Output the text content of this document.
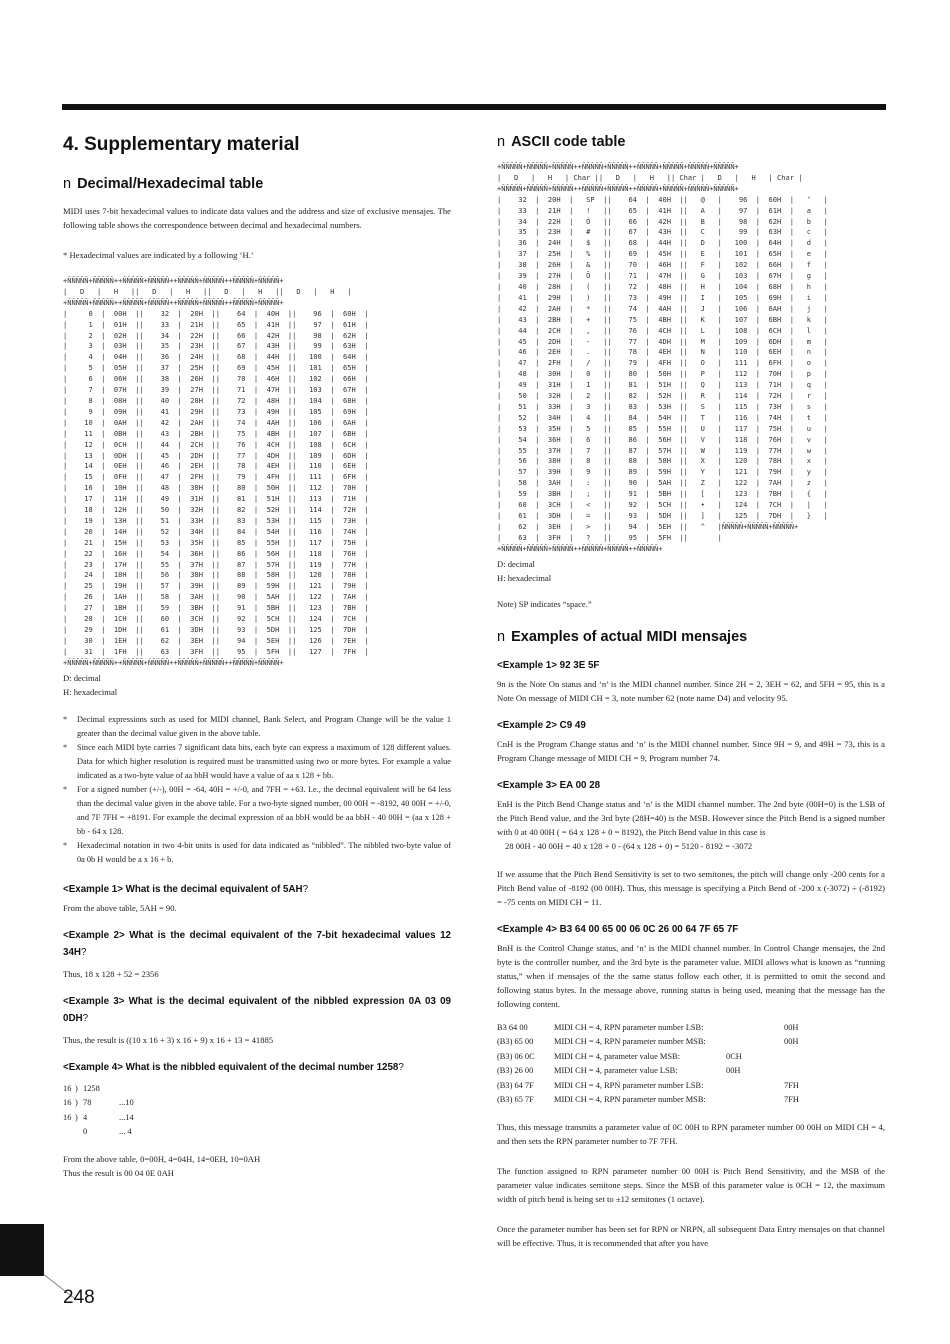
4. Supplementary material
n Decimal/Hexadecimal table

MIDI uses 7-bit hexadecimal values to indicate data values and the address and size of exclusive mensajes. The following table shows the correspondence between decimal and hexadecimal numbers.

* Hexadecimal values are indicated by a following ‘H.’
+ÑÑÑÑÑ+ÑÑÑÑÑ++ÑÑÑÑÑ+ÑÑÑÑÑ++ÑÑÑÑÑ+ÑÑÑÑÑ++ÑÑÑÑÑ+ÑÑÑÑÑ+
|   D   |   H   ||   D   |   H   ||   D   |   H   ||   D   |   H   |
+ÑÑÑÑÑ+ÑÑÑÑÑ++ÑÑÑÑÑ+ÑÑÑÑÑ++ÑÑÑÑÑ+ÑÑÑÑÑ++ÑÑÑÑÑ+ÑÑÑÑÑ+
|     0  |  00H  ||    32  |  20H  ||    64  |  40H  ||    96  |  60H  |
|     1  |  01H  ||    33  |  21H  ||    65  |  41H  ||    97  |  61H  |
|     2  |  02H  ||    34  |  22H  ||    66  |  42H  ||    98  |  62H  |
|     3  |  03H  ||    35  |  23H  ||    67  |  43H  ||    99  |  63H  |
|     4  |  04H  ||    36  |  24H  ||    68  |  44H  ||   100  |  64H  |
|     5  |  05H  ||    37  |  25H  ||    69  |  45H  ||   101  |  65H  |
|     6  |  06H  ||    38  |  26H  ||    70  |  46H  ||   102  |  66H  |
|     7  |  07H  ||    39  |  27H  ||    71  |  47H  ||   103  |  67H  |
|     8  |  08H  ||    40  |  28H  ||    72  |  48H  ||   104  |  68H  |
|     9  |  09H  ||    41  |  29H  ||    73  |  49H  ||   105  |  69H  |
|    10  |  0AH  ||    42  |  2AH  ||    74  |  4AH  ||   106  |  6AH  |
|    11  |  0BH  ||    43  |  2BH  ||    75  |  4BH  ||   107  |  6BH  |
|    12  |  0CH  ||    44  |  2CH  ||    76  |  4CH  ||   108  |  6CH  |
|    13  |  0DH  ||    45  |  2DH  ||    77  |  4DH  ||   109  |  6DH  |
|    14  |  0EH  ||    46  |  2EH  ||    78  |  4EH  ||   110  |  6EH  |
|    15  |  0FH  ||    47  |  2FH  ||    79  |  4FH  ||   111  |  6FH  |
|    16  |  10H  ||    48  |  30H  ||    80  |  50H  ||   112  |  70H  |
|    17  |  11H  ||    49  |  31H  ||    81  |  51H  ||   113  |  71H  |
|    18  |  12H  ||    50  |  32H  ||    82  |  52H  ||   114  |  72H  |
|    19  |  13H  ||    51  |  33H  ||    83  |  53H  ||   115  |  73H  |
|    20  |  14H  ||    52  |  34H  ||    84  |  54H  ||   116  |  74H  |
|    21  |  15H  ||    53  |  35H  ||    85  |  55H  ||   117  |  75H  |
|    22  |  16H  ||    54  |  36H  ||    86  |  56H  ||   118  |  76H  |
|    23  |  17H  ||    55  |  37H  ||    87  |  57H  ||   119  |  77H  |
|    24  |  18H  ||    56  |  38H  ||    88  |  58H  ||   120  |  78H  |
|    25  |  19H  ||    57  |  39H  ||    89  |  59H  ||   121  |  79H  |
|    26  |  1AH  ||    58  |  3AH  ||    90  |  5AH  ||   122  |  7AH  |
|    27  |  1BH  ||    59  |  3BH  ||    91  |  5BH  ||   123  |  7BH  |
|    28  |  1CH  ||    60  |  3CH  ||    92  |  5CH  ||   124  |  7CH  |
|    29  |  1DH  ||    61  |  3DH  ||    93  |  5DH  ||   125  |  7DH  |
|    30  |  1EH  ||    62  |  3EH  ||    94  |  5EH  ||   126  |  7EH  |
|    31  |  1FH  ||    63  |  3FH  ||    95  |  5FH  ||   127  |  7FH  |
+ÑÑÑÑÑ+ÑÑÑÑÑ++ÑÑÑÑÑ+ÑÑÑÑÑ++ÑÑÑÑÑ+ÑÑÑÑÑ++ÑÑÑÑÑ+ÑÑÑÑÑ+
D: decimal
H: hexadecimal
* Decimal expressions such as used for MIDI channel, Bank Select, and Program Change will be the value 1 greater than the decimal value given in the above table.
* Since each MIDI byte carries 7 significant data bits, each byte can express a maximum of 128 different values. Data for which higher resolution is required must be transmitted using two or more bytes. For example a value indicated as a two-byte value of aa bbH would have a value of aa x 128 + bb.
* For a signed number (+/-), 00H = -64, 40H = +/-0, and 7FH = +63. I.e., the decimal equivalent will be 64 less than the decimal value given in the above table. For a two-byte signed number, 00 00H = -8192, 40 00H = +/-0, and 7F 7FH = +8191. For example the decimal expression of aa bbH would be aa bbH - 40 00H = (aa x 128 + bb - 64 x 128.
* Hexadecimal notation in two 4-bit units is used for data indicated as “nibbled”. The nibbled two-byte value of 0a 0b H would be a x 16 + b.
<Example 1> What is the decimal equivalent of 5AH?
From the above table, 5AH = 90.
<Example 2> What is the decimal equivalent of the 7-bit hexadecimal values 12 34H?
Thus, 18 x 128 + 52 = 2356
<Example 3> What is the decimal equivalent of the nibbled expression 0A 03 09 0DH?
Thus, the result is ((10 x 16 + 3) x 16 + 9) x 16 + 13 = 41885
<Example 4> What is the nibbled equivalent of the decimal number 1258?
16 ) 1258
16 ) 78	...10
16 ) 4	...14
0	... 4
From the above table, 0=00H, 4=04H, 14=0EH, 10=0AH
Thus the result is 00 04 0E 0AH
n ASCII code table
+ÑÑÑÑÑ+ÑÑÑÑÑ+ÑÑÑÑÑ++ÑÑÑÑÑ+ÑÑÑÑÑ++ÑÑÑÑÑ+ÑÑÑÑÑ+ÑÑÑÑÑ+ÑÑÑÑÑ+
|   D   |   H   | Char ||   D   |   H   || Char |   D   |   H   | Char |
+ÑÑÑÑÑ+ÑÑÑÑÑ+ÑÑÑÑÑ++ÑÑÑÑÑ+ÑÑÑÑÑ++ÑÑÑÑÑ+ÑÑÑÑÑ+ÑÑÑÑÑ+ÑÑÑÑÑ+
|    32  |  20H  |   SP  ||    64  |  40H  ||   @   |    96  |  60H  |   ‘   |
|    33  |  21H  |   !   ||    65  |  41H  ||   A   |    97  |  61H  |   a   |
|    34  |  22H  |   Ò   ||    66  |  42H  ||   B   |    98  |  62H  |   b   |
|    35  |  23H  |   #   ||    67  |  43H  ||   C   |    99  |  63H  |   c   |
|    36  |  24H  |   $   ||    68  |  44H  ||   D   |   100  |  64H  |   d   |
|    37  |  25H  |   %   ||    69  |  45H  ||   E   |   101  |  65H  |   e   |
|    38  |  26H  |   &   ||    70  |  46H  ||   F   |   102  |  66H  |   f   |
|    39  |  27H  |   Õ   ||    71  |  47H  ||   G   |   103  |  67H  |   g   |
|    40  |  28H  |   (   ||    72  |  48H  ||   H   |   104  |  68H  |   h   |
|    41  |  29H  |   )   ||    73  |  49H  ||   I   |   105  |  69H  |   i   |
|    42  |  2AH  |   *   ||    74  |  4AH  ||   J   |   106  |  6AH  |   j   |
|    43  |  2BH  |   +   ||    75  |  4BH  ||   K   |   107  |  6BH  |   k   |
|    44  |  2CH  |   ,   ||    76  |  4CH  ||   L   |   108  |  6CH  |   l   |
|    45  |  2DH  |   -   ||    77  |  4DH  ||   M   |   109  |  6DH  |   m   |
|    46  |  2EH  |   .   ||    78  |  4EH  ||   N   |   110  |  6EH  |   n   |
|    47  |  2FH  |   /   ||    79  |  4FH  ||   O   |   111  |  6FH  |   o   |
|    48  |  30H  |   0   ||    80  |  50H  ||   P   |   112  |  70H  |   p   |
|    49  |  31H  |   1   ||    81  |  51H  ||   Q   |   113  |  71H  |   q   |
|    50  |  32H  |   2   ||    82  |  52H  ||   R   |   114  |  72H  |   r   |
|    51  |  33H  |   3   ||    83  |  53H  ||   S   |   115  |  73H  |   s   |
|    52  |  34H  |   4   ||    84  |  54H  ||   T   |   116  |  74H  |   t   |
|    53  |  35H  |   5   ||    85  |  55H  ||   U   |   117  |  75H  |   u   |
|    54  |  36H  |   6   ||    86  |  56H  ||   V   |   118  |  76H  |   v   |
|    55  |  37H  |   7   ||    87  |  57H  ||   W   |   119  |  77H  |   w   |
|    56  |  38H  |   8   ||    88  |  58H  ||   X   |   120  |  78H  |   x   |
|    57  |  39H  |   9   ||    89  |  59H  ||   Y   |   121  |  79H  |   y   |
|    58  |  3AH  |   :   ||    90  |  5AH  ||   Z   |   122  |  7AH  |   z   |
|    59  |  3BH  |   ;   ||    91  |  5BH  ||   [   |   123  |  7BH  |   {   |
|    60  |  3CH  |   <   ||    92  |  5CH  ||   •   |   124  |  7CH  |   |   |
|    61  |  3DH  |   =   ||    93  |  5DH  ||   ]   |   125  |  7DH  |   }   |
|    62  |  3EH  |   >   ||    94  |  5EH  ||   ^   |ÑÑÑÑÑ+ÑÑÑÑÑ+ÑÑÑÑÑ+
|    63  |  3FH  |   ?   ||    95  |  5FH  ||       |
+ÑÑÑÑÑ+ÑÑÑÑÑ+ÑÑÑÑÑ++ÑÑÑÑÑ+ÑÑÑÑÑ++ÑÑÑÑÑ+
D: decimal
H: hexadecimal
Note) SP indicates “space.”
n Examples of actual MIDI mensajes
<Example 1> 92 3E 5F

9n is the Note On status and ‘n’ is the MIDI channel number. Since 2H = 2, 3EH = 62, and 5FH = 95, this is a Note On message of MIDI CH = 3, note number 62 (note name D4) and velocity 95.

<Example 2> C9 49

CnH is the Program Change status and ‘n’ is the MIDI channel number. Since 9H = 9, and 49H = 73, this is a Program Change message of MIDI CH = 9, Program number 74.

<Example 3> EA 00 28

EnH is the Pitch Bend Change status and ‘n’ is the MIDI channel number. The 2nd byte (00H=0) is the LSB of the Pitch Bend value, and the 3rd byte (28H=40) is the MSB. However since the Pitch Bend is a signed number with 0 at 40 00H ( = 64 x 128 + 0 = 8192), the Pitch Bend value in this case is

28 00H - 40 00H = 40 x 128 + 0 - (64 x 128 + 0) = 5120 - 8192 = -3072

If we assume that the Pitch Bend Sensitivity is set to two semitones, the pitch will change only -200 cents for a Pitch Bend value of -8192 (00 00H). Thus, this message is specifying a Pitch Bend of -200 x (-3072) ÷ (-8192) = -75 cents on MIDI CH = 11.

<Example 4> B3 64 00 65 00 06 0C 26 00 64 7F 65 7F

BnH is the Control Change status, and ‘n’ is the MIDI channel number. In Control Change mensajes, the 2nd byte is the controller number, and the 3rd byte is the parameter value. MIDI allows what is known as “running status,” when if mensajes of the the same status follow each other, it is permitted to omit the second and following status bytes. In the message above, running status is being used, meaning that the message has the following content.

B3 64 00	MIDI CH = 4, RPN parameter number LSB:	00H
(B3) 65 00	MIDI CH = 4, RPN parameter number MSB:	00H
(B3) 06 0C	MIDI CH = 4, parameter value MSB:	0CH
(B3) 26 00	MIDI CH = 4, parameter value LSB:	00H
(B3) 64 7F	MIDI CH = 4, RPN parameter number LSB:	7FH
(B3) 65 7F	MIDI CH = 4, RPN parameter number MSB:	7FH

Thus, this message transmits a parameter value of 0C 00H to RPN parameter number 00 00H on MIDI CH = 4, and then sets the RPN parameter number to 7F 7FH.

The function assigned to RPN parameter number 00 00H is Pitch Bend Sensitivity, and the MSB of the parameter value indicates semitone steps. Since the MSB of this parameter value is 0CH = 12, the maximum width of pitch bend is being set to ±12 semitones (1 octave).

Once the parameter number has been set for RPN or NRPN, all subsequent Data Entry mensajes on that channel will be effective. Thus, it is recommended that after you have

248
